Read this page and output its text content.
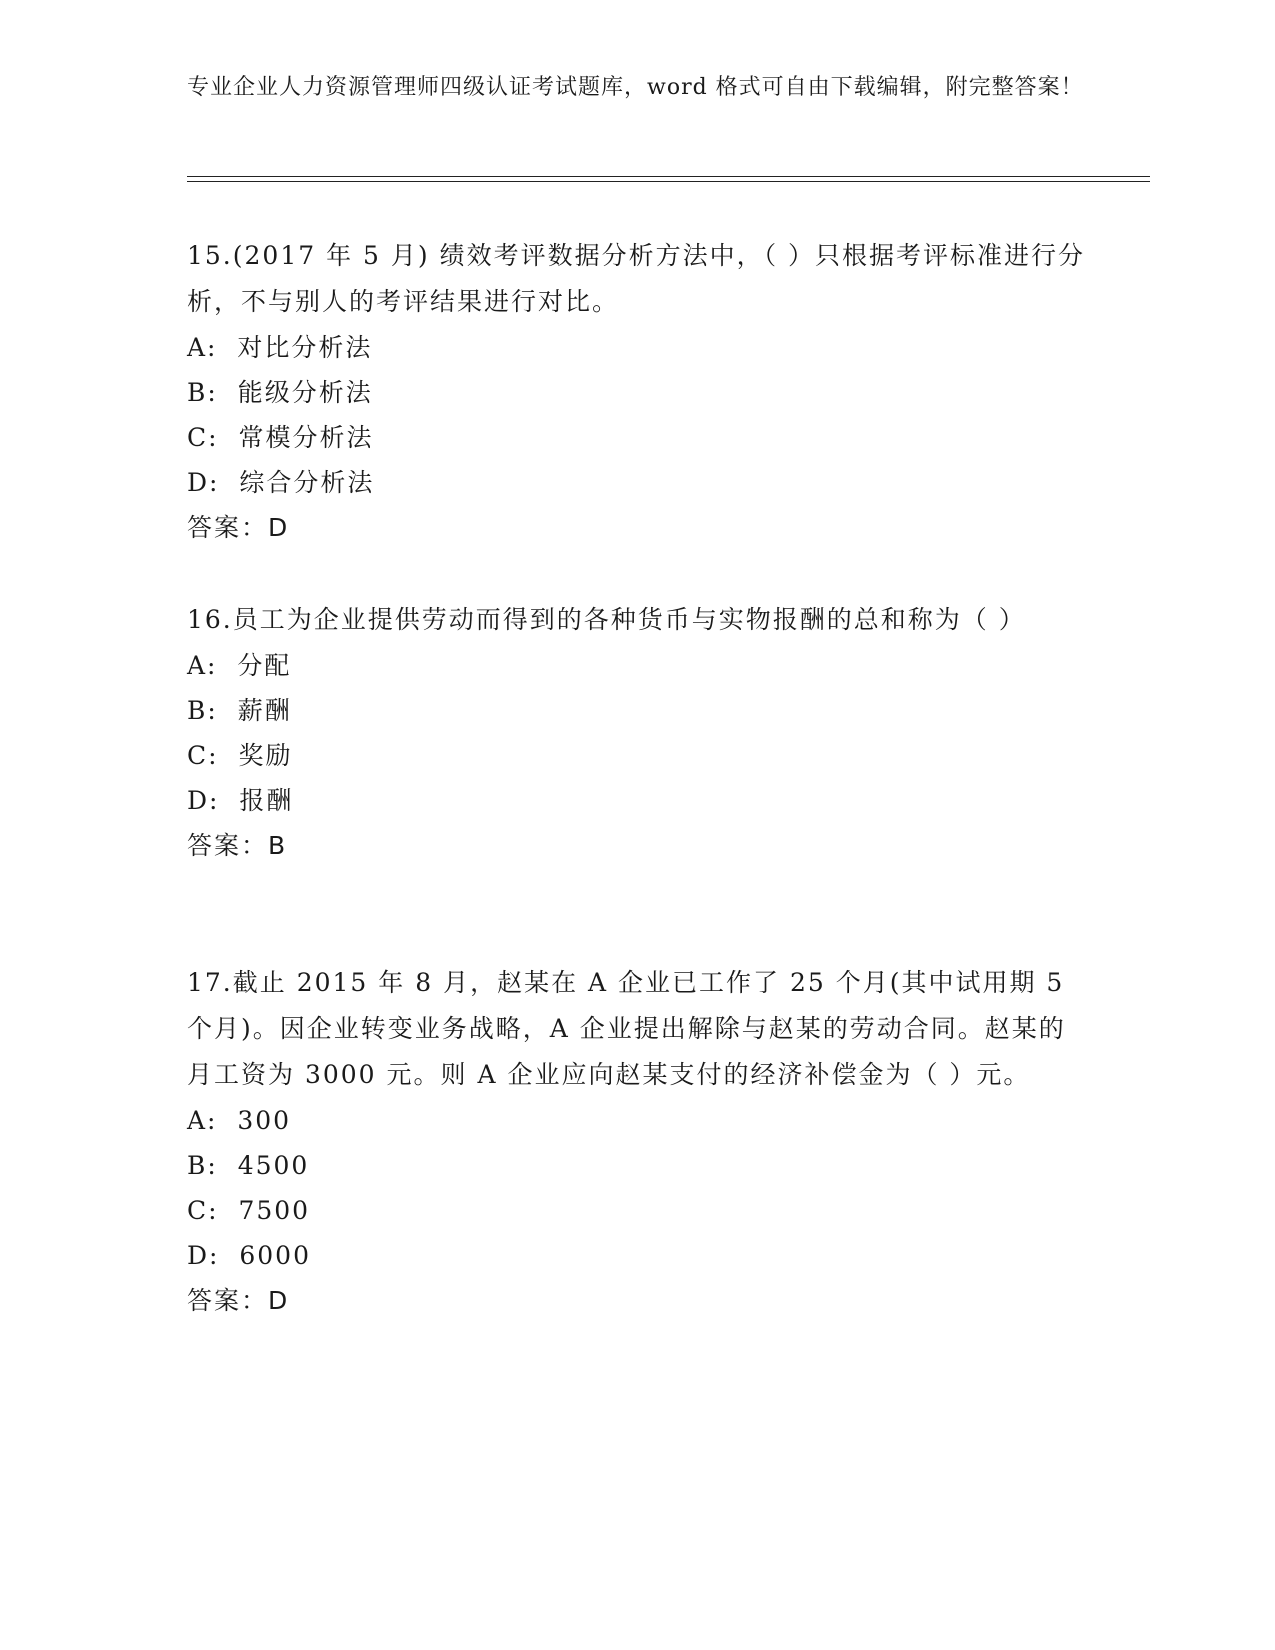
专业企业人力资源管理师四级认证考试题库，word 格式可自由下载编辑，附完整答案！
15.(2017 年 5 月) 绩效考评数据分析方法中，（ ）只根据考评标准进行分析，不与别人的考评结果进行对比。
A:  对比分析法
B:  能级分析法
C:  常模分析法
D:  综合分析法
答案：D
16.员工为企业提供劳动而得到的各种货币与实物报酬的总和称为（ ）
A:  分配
B:  薪酬
C:  奖励
D:  报酬
答案：B
17.截止 2015 年 8 月，赵某在 A 企业已工作了 25 个月(其中试用期 5 个月)。因企业转变业务战略，A 企业提出解除与赵某的劳动合同。赵某的月工资为 3000 元。则 A 企业应向赵某支付的经济补偿金为（ ）元。
A:  300
B:  4500
C:  7500
D:  6000
答案：D
